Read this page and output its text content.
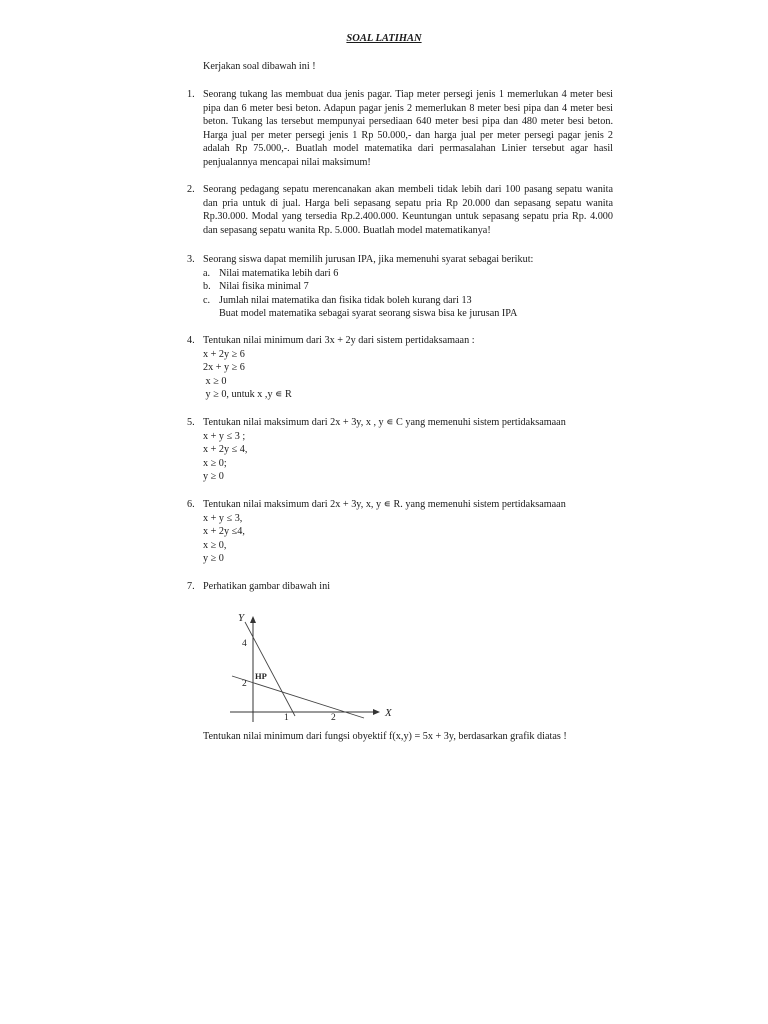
SOAL LATIHAN
Kerjakan soal dibawah ini !
1. Seorang tukang las membuat dua jenis pagar. Tiap meter persegi jenis 1 memerlukan 4 meter besi pipa dan 6 meter besi beton. Adapun pagar jenis 2 memerlukan 8 meter besi pipa dan 4 meter besi beton. Tukang las tersebut mempunyai persediaan 640 meter besi pipa dan 480 meter besi beton. Harga jual per meter persegi jenis 1 Rp 50.000,- dan harga jual per meter persegi pagar jenis 2 adalah Rp 75.000,-. Buatlah model matematika dari permasalahan Linier tersebut agar hasil penjualannya mencapai nilai maksimum!
2. Seorang pedagang sepatu merencanakan akan membeli tidak lebih dari 100 pasang sepatu wanita dan pria untuk di jual. Harga beli sepasang sepatu pria Rp 20.000 dan sepasang sepatu wanita Rp.30.000. Modal yang tersedia Rp.2.400.000. Keuntungan untuk sepasang sepatu pria Rp. 4.000 dan sepasang sepatu wanita Rp. 5.000. Buatlah model matematikanya!
3. Seorang siswa dapat memilih jurusan IPA, jika memenuhi syarat sebagai berikut:
a. Nilai matematika lebih dari 6
b. Nilai fisika minimal 7
c. Jumlah nilai matematika dan fisika tidak boleh kurang dari 13
Buat model matematika sebagai syarat seorang siswa bisa ke jurusan IPA
4. Tentukan nilai minimum dari 3x + 2y dari sistem pertidaksamaan :
x + 2y ≥ 6
2x + y ≥ 6
x ≥ 0
y ≥ 0, untuk x ,y ∊ R
5. Tentukan nilai maksimum dari 2x + 3y, x , y ∊ C yang memenuhi sistem pertidaksamaan
x + y ≤ 3 ;
x + 2y ≤ 4,
x ≥ 0;
y ≥ 0
6. Tentukan nilai maksimum dari 2x + 3y, x, y ∊ R. yang memenuhi sistem pertidaksamaan
x + y ≤ 3,
x + 2y ≤4,
x ≥ 0,
y ≥ 0
7. Perhatikan gambar dibawah ini
Y
X
4
2
1	2
HP
Tentukan nilai minimum dari fungsi obyektif f(x,y) = 5x + 3y, berdasarkan grafik diatas !
